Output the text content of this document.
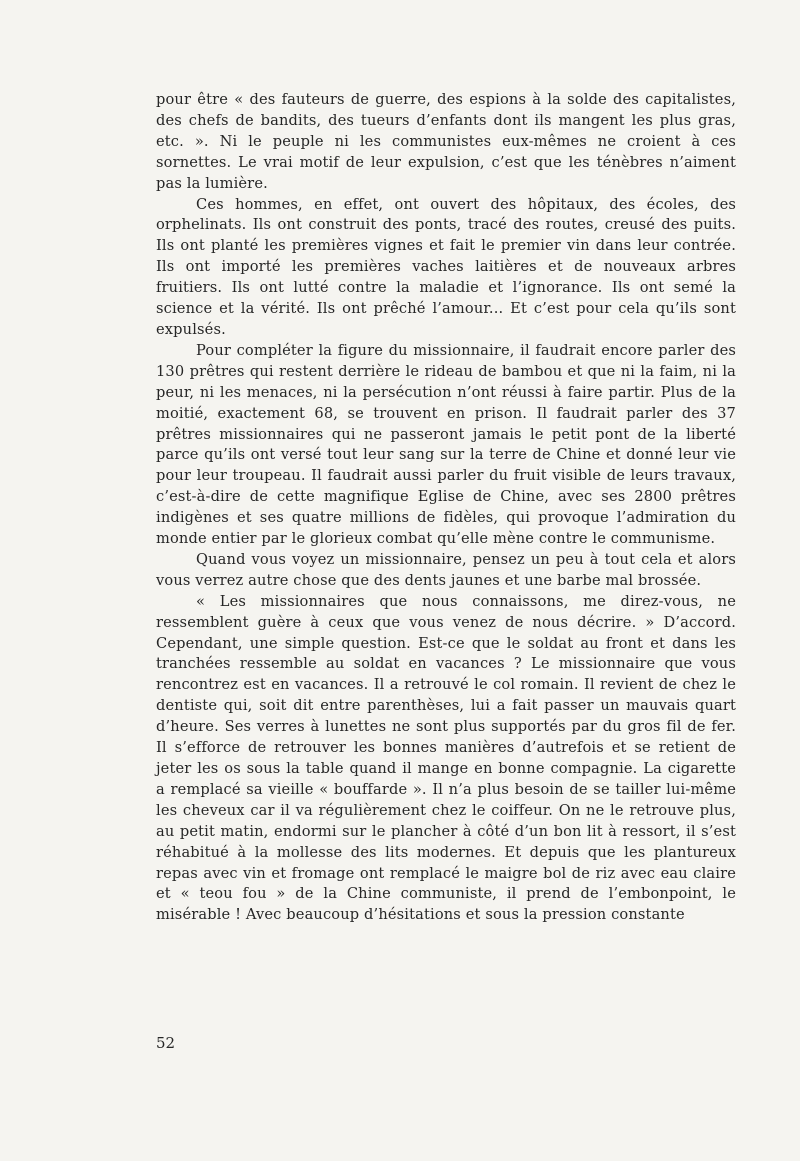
pour être « des fauteurs de guerre, des espions à la solde des capitalistes, des chefs de bandits, des tueurs d’enfants dont ils mangent les plus gras, etc. ». Ni le peuple ni les communistes eux-mêmes ne croient à ces sornettes. Le vrai motif de leur expulsion, c’est que les ténèbres n’aiment pas la lumière.

Ces hommes, en effet, ont ouvert des hôpitaux, des écoles, des orphelinats. Ils ont construit des ponts, tracé des routes, creusé des puits. Ils ont planté les premières vignes et fait le premier vin dans leur contrée. Ils ont importé les premières vaches laitières et de nouveaux arbres fruitiers. Ils ont lutté contre la maladie et l’ignorance. Ils ont semé la science et la vérité. Ils ont prêché l’amour... Et c’est pour cela qu’ils sont expulsés.

Pour compléter la figure du missionnaire, il faudrait encore parler des 130 prêtres qui restent derrière le rideau de bambou et que ni la faim, ni la peur, ni les menaces, ni la persécution n’ont réussi à faire partir. Plus de la moitié, exactement 68, se trouvent en prison. Il faudrait parler des 37 prêtres missionnaires qui ne passeront jamais le petit pont de la liberté parce qu’ils ont versé tout leur sang sur la terre de Chine et donné leur vie pour leur troupeau. Il faudrait aussi parler du fruit visible de leurs travaux, c’est-à-dire de cette magnifique Eglise de Chine, avec ses 2800 prêtres indigènes et ses quatre millions de fidèles, qui provoque l’admiration du monde entier par le glorieux combat qu’elle mène contre le communisme.

Quand vous voyez un missionnaire, pensez un peu à tout cela et alors vous verrez autre chose que des dents jaunes et une barbe mal brossée.

« Les missionnaires que nous connaissons, me direz-vous, ne ressemblent guère à ceux que vous venez de nous décrire. » D’accord. Cependant, une simple question. Est-ce que le soldat au front et dans les tranchées ressemble au soldat en vacances ? Le missionnaire que vous rencontrez est en vacances. Il a retrouvé le col romain. Il revient de chez le dentiste qui, soit dit entre parenthèses, lui a fait passer un mauvais quart d’heure. Ses verres à lunettes ne sont plus supportés par du gros fil de fer. Il s’efforce de retrouver les bonnes manières d’autrefois et se retient de jeter les os sous la table quand il mange en bonne compagnie. La cigarette a remplacé sa vieille « bouffarde ». Il n’a plus besoin de se tailler lui-même les cheveux car il va régulièrement chez le coiffeur. On ne le retrouve plus, au petit matin, endormi sur le plancher à côté d’un bon lit à ressort, il s’est réhabitué à la mollesse des lits modernes. Et depuis que les plantureux repas avec vin et fromage ont remplacé le maigre bol de riz avec eau claire et « teou fou » de la Chine communiste, il prend de l’embonpoint, le misérable ! Avec beaucoup d’hésitations et sous la pression constante

52
